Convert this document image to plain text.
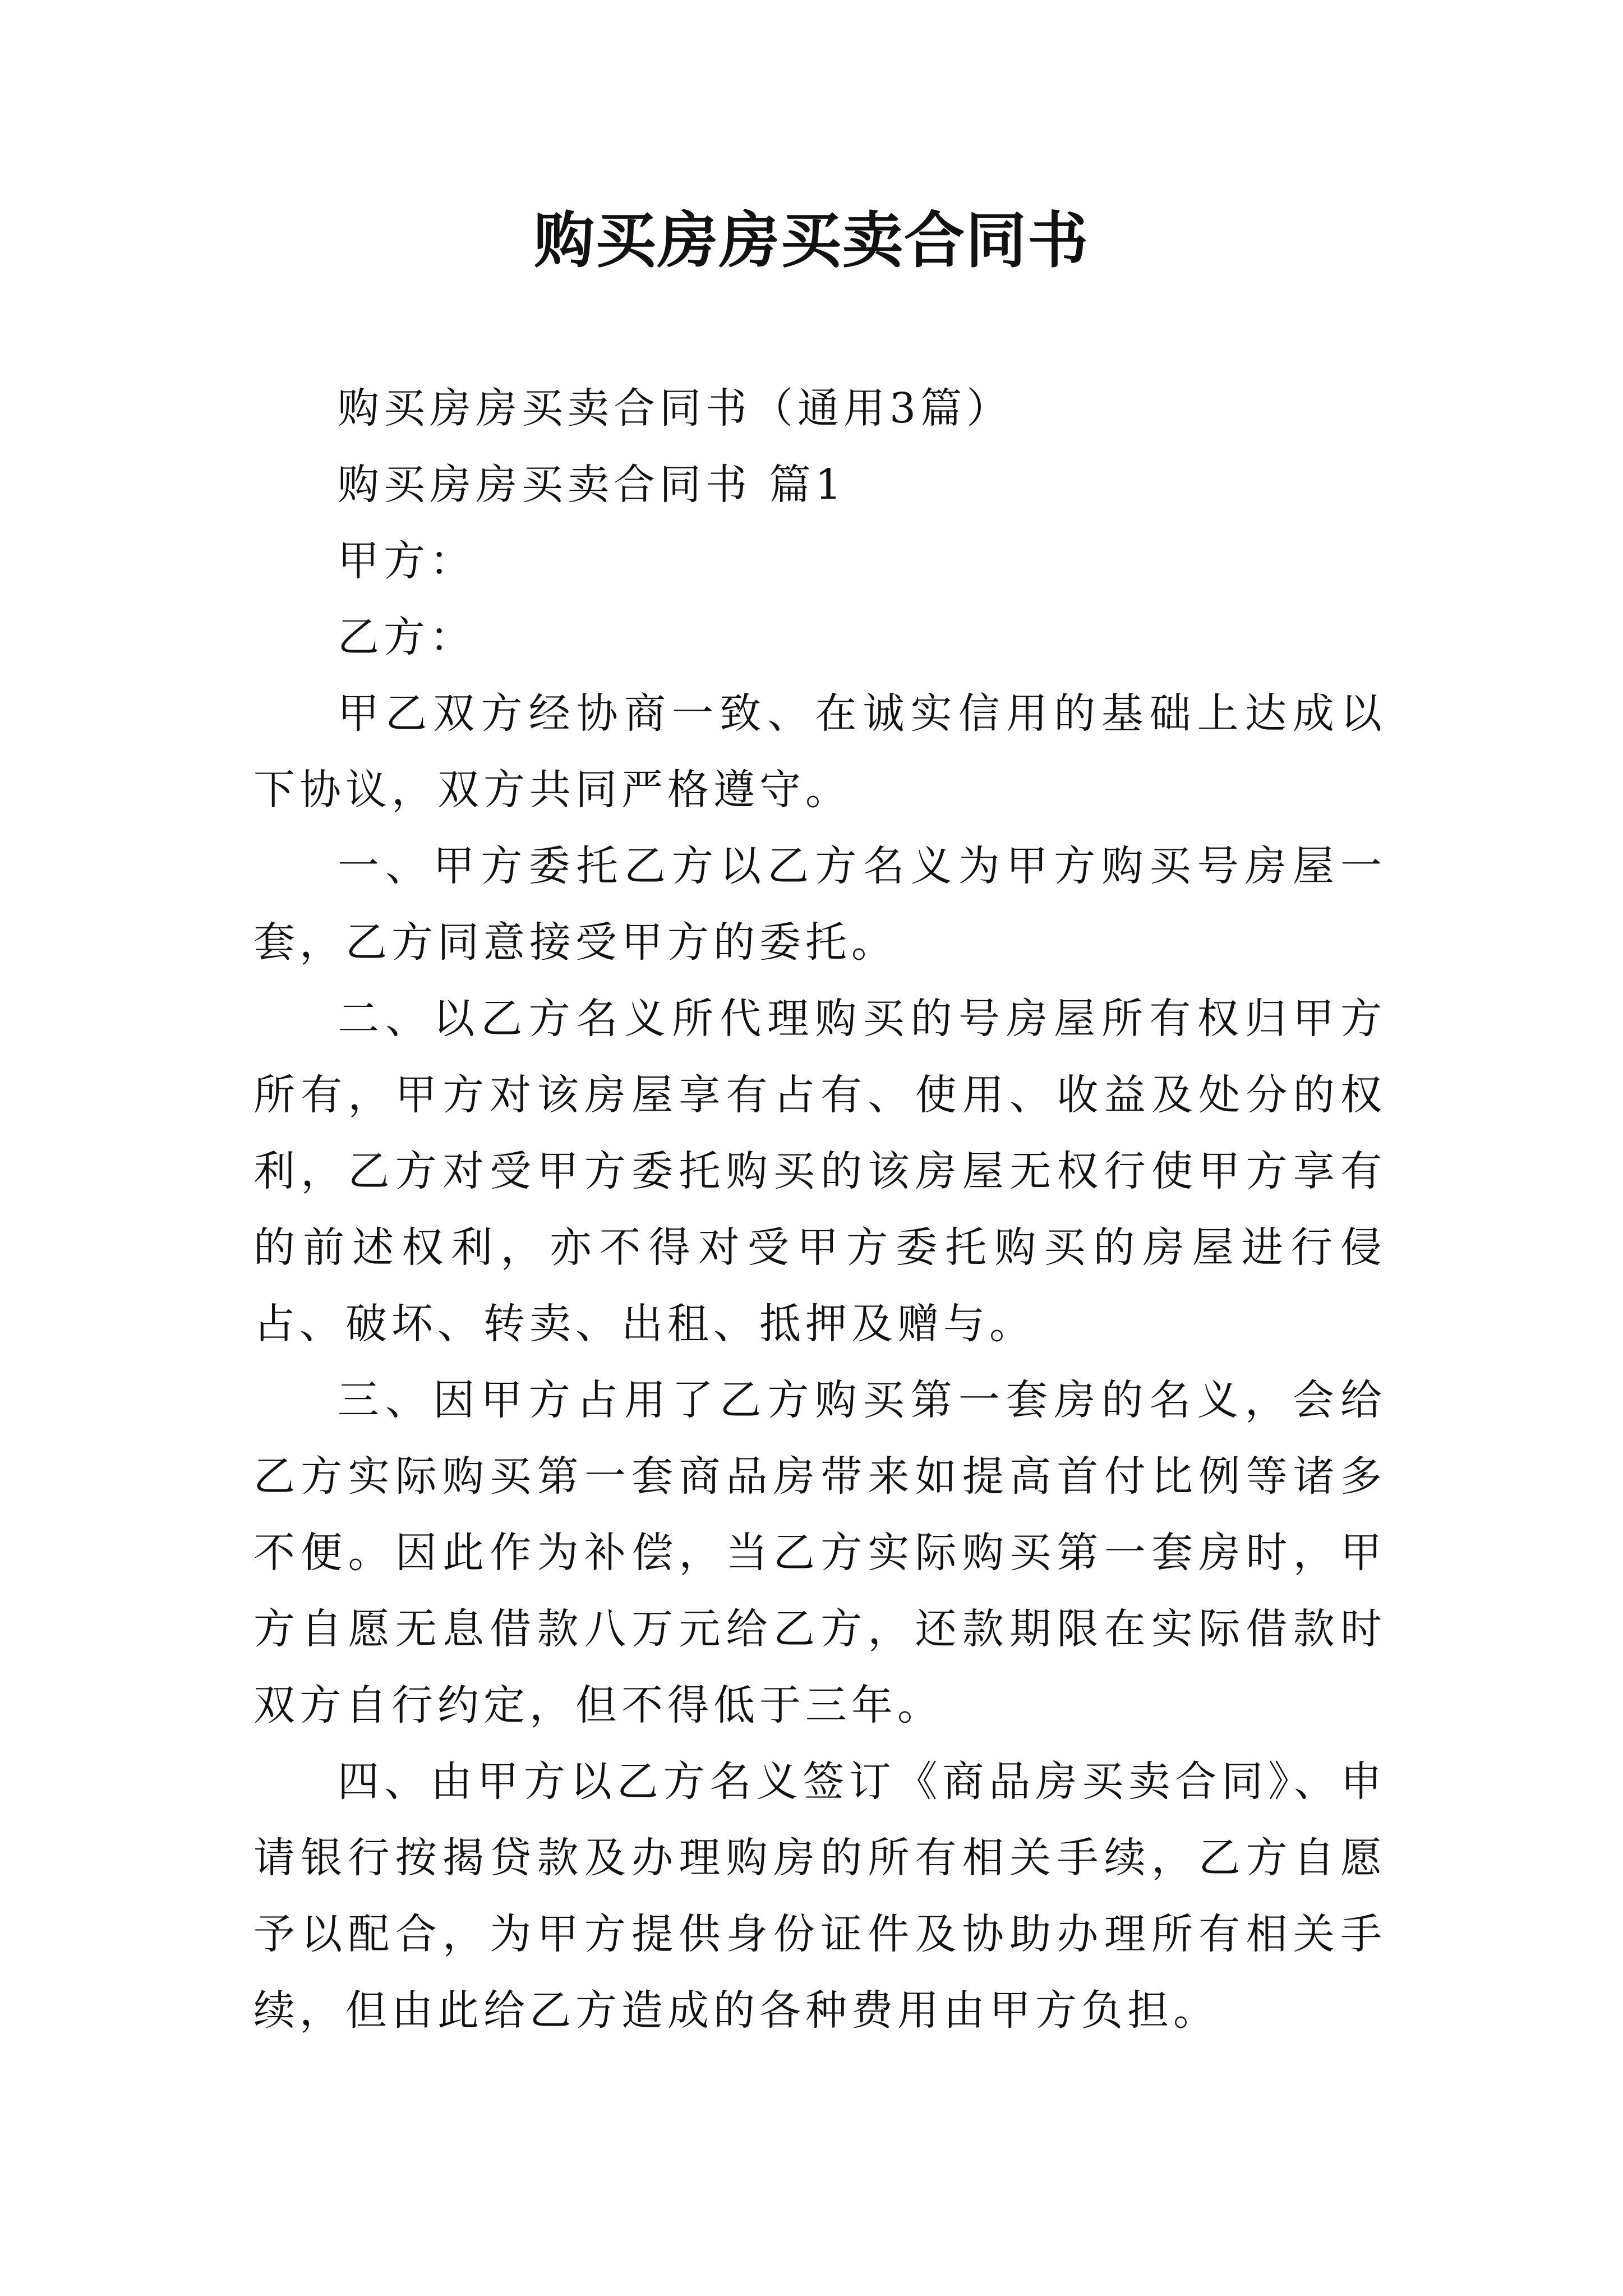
购买房房买卖合同书

购买房房买卖合同书（通用3篇）

购买房房买卖合同书 篇1

甲方：

乙方：

甲乙双方经协商一致、在诚实信用的基础上达成以下协议，双方共同严格遵守。

一、甲方委托乙方以乙方名义为甲方购买号房屋一套，乙方同意接受甲方的委托。

二、以乙方名义所代理购买的号房屋所有权归甲方所有，甲方对该房屋享有占有、使用、收益及处分的权利，乙方对受甲方委托购买的该房屋无权行使甲方享有的前述权利，亦不得对受甲方委托购买的房屋进行侵占、破坏、转卖、出租、抵押及赠与。

三、因甲方占用了乙方购买第一套房的名义，会给乙方实际购买第一套商品房带来如提高首付比例等诸多不便。因此作为补偿，当乙方实际购买第一套房时，甲方自愿无息借款八万元给乙方，还款期限在实际借款时双方自行约定，但不得低于三年。

四、由甲方以乙方名义签订《商品房买卖合同》、申请银行按揭贷款及办理购房的所有相关手续，乙方自愿予以配合，为甲方提供身份证件及协助办理所有相关手续，但由此给乙方造成的各种费用由甲方负担。
